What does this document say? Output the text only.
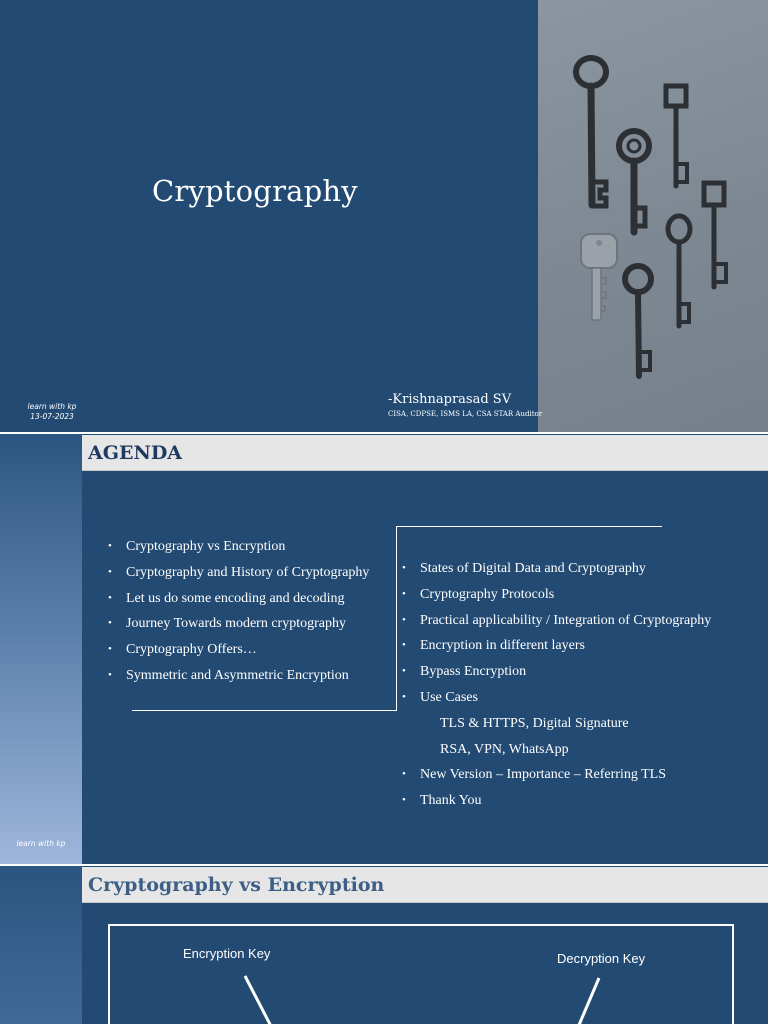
Cryptography
-Krishnaprasad SV
CISA, CDPSE, ISMS LA, CSA STAR Auditor
learn with kp
13-07-2023
learn with kp
AGENDA
• Cryptography vs Encryption
• Cryptography and History of Cryptography
• Let us do some encoding and decoding
• Journey Towards modern cryptography
• Cryptography Offers…
• Symmetric and Asymmetric Encryption
• States of Digital Data and Cryptography
• Cryptography Protocols
• Practical applicability / Integration of Cryptography
• Encryption in different layers
• Bypass Encryption
• Use Cases
TLS & HTTPS, Digital Signature
RSA, VPN, WhatsApp
• New Version – Importance – Referring TLS
• Thank You
Cryptography vs Encryption
Encryption Key	Decryption Key
